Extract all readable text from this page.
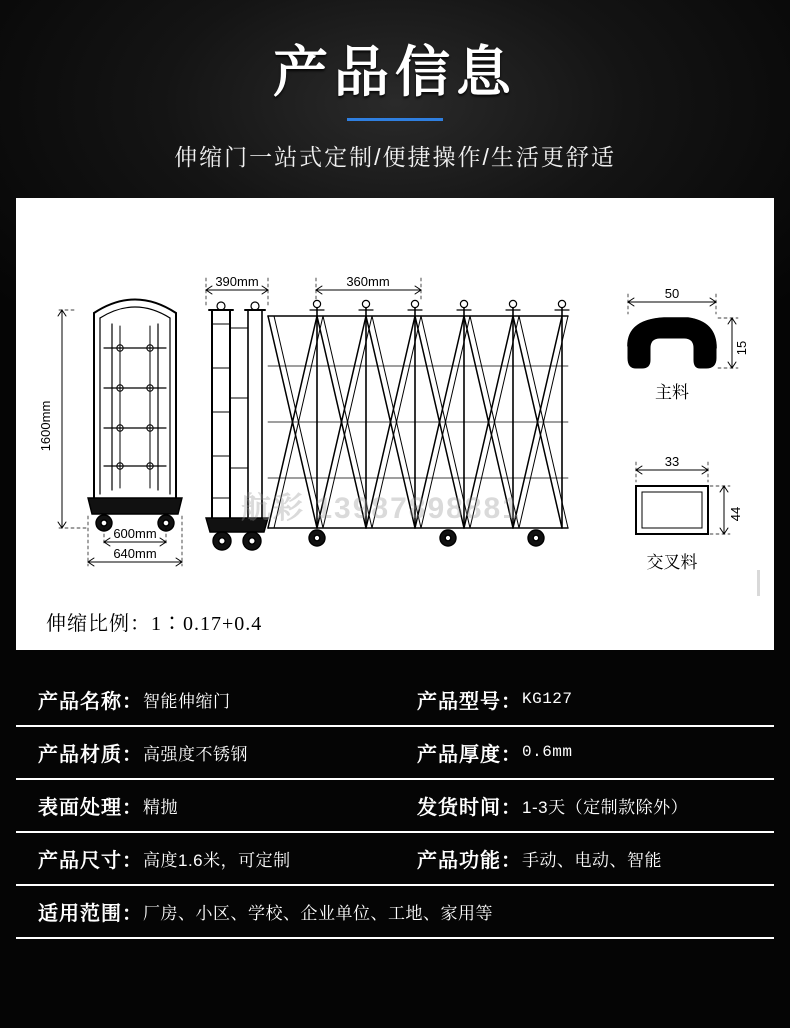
产品信息
伸缩门一站式定制/便捷操作/生活更舒适
1600mm
600mm
640mm
390mm	360mm
50
15
33
44
主料
交叉料
航彩 13987898881
伸缩比例：1∶0.17+0.4
产品名称： 智能伸缩门	产品型号： KG127
产品材质： 高强度不锈钢	产品厚度： 0.6mm
表面处理： 精抛	发货时间： 1-3天（定制款除外）
产品尺寸： 高度1.6米，可定制	产品功能： 手动、电动、智能
适用范围： 厂房、小区、学校、企业单位、工地、家用等
